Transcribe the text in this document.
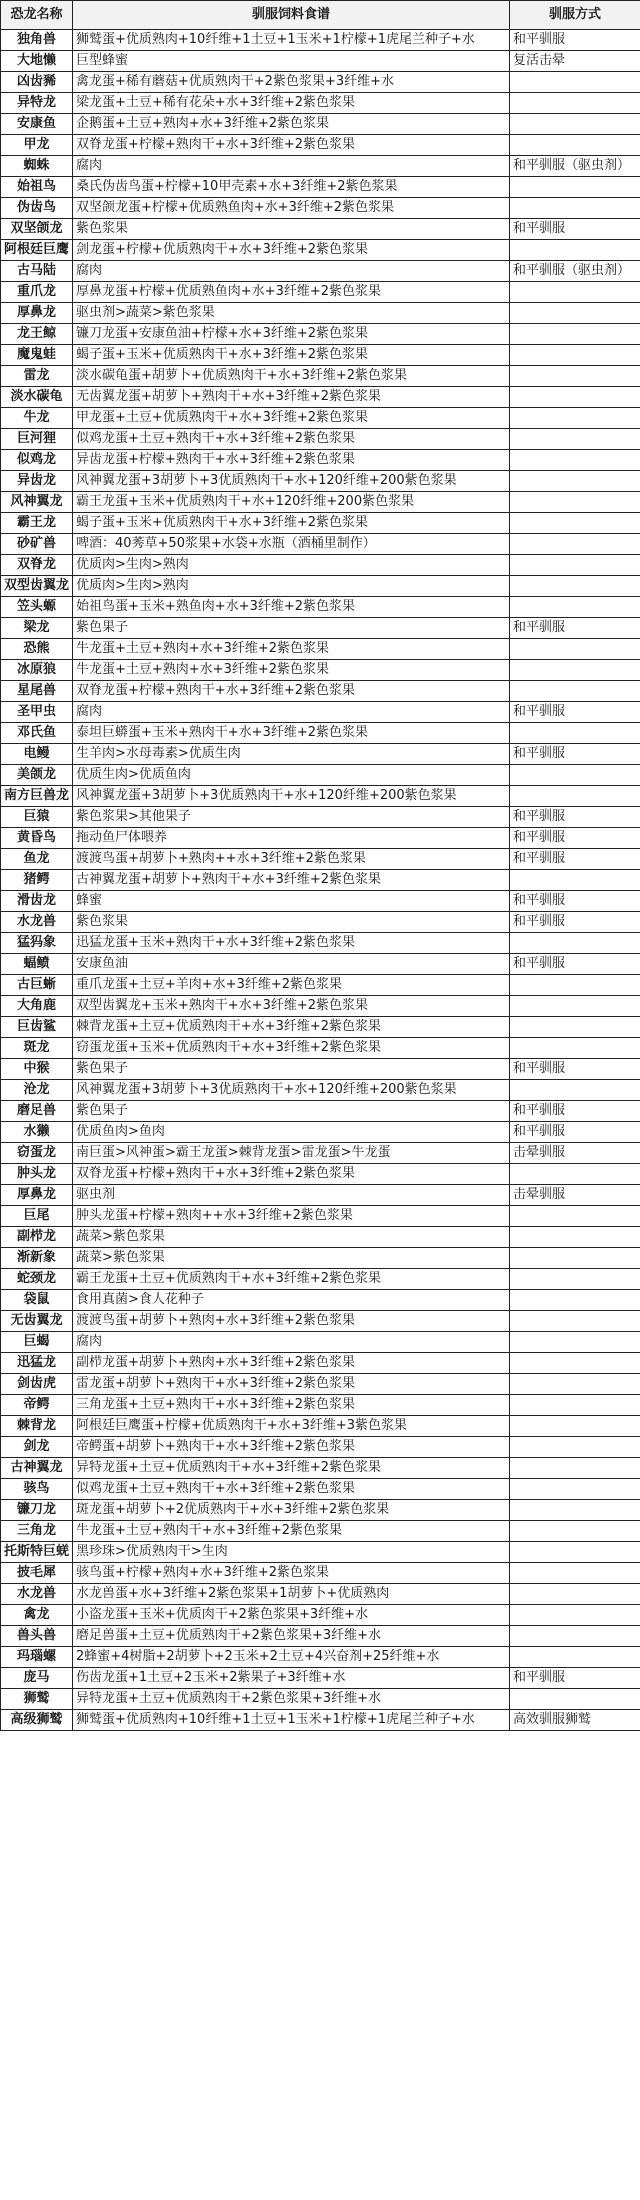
恐龙名称	驯服饲料食谱	驯服方式
独角兽	狮鹫蛋+优质熟肉+10纤维+1土豆+1玉米+1柠檬+1虎尾兰种子+水	和平驯服
大地懒	巨型蜂蜜	复活击晕
凶齿豨	禽龙蛋+稀有蘑菇+优质熟肉干+2紫色浆果+3纤维+水	
异特龙	梁龙蛋+土豆+稀有花朵+水+3纤维+2紫色浆果	
安康鱼	企鹅蛋+土豆+熟肉+水+3纤维+2紫色浆果	
甲龙	双脊龙蛋+柠檬+熟肉干+水+3纤维+2紫色浆果	
蜘蛛	腐肉	和平驯服（驱虫剂）
始祖鸟	桑氏伪齿鸟蛋+柠檬+10甲壳素+水+3纤维+2紫色浆果	
伪齿鸟	双坚颌龙蛋+柠檬+优质熟鱼肉+水+3纤维+2紫色浆果	
双坚颌龙	紫色浆果	和平驯服
阿根廷巨鹰	剑龙蛋+柠檬+优质熟肉干+水+3纤维+2紫色浆果	
古马陆	腐肉	和平驯服（驱虫剂）
重爪龙	厚鼻龙蛋+柠檬+优质熟鱼肉+水+3纤维+2紫色浆果	
厚鼻龙	驱虫剂>蔬菜>紫色浆果	
龙王鲸	镰刀龙蛋+安康鱼油+柠檬+水+3纤维+2紫色浆果	
魔鬼蛙	蝎子蛋+玉米+优质熟肉干+水+3纤维+2紫色浆果	
雷龙	淡水碳龟蛋+胡萝卜+优质熟肉干+水+3纤维+2紫色浆果	
淡水碳龟	无齿翼龙蛋+胡萝卜+熟肉干+水+3纤维+2紫色浆果	
牛龙	甲龙蛋+土豆+优质熟肉干+水+3纤维+2紫色浆果	
巨河狸	似鸡龙蛋+土豆+熟肉干+水+3纤维+2紫色浆果	
似鸡龙	异齿龙蛋+柠檬+熟肉干+水+3纤维+2紫色浆果	
异齿龙	风神翼龙蛋+3胡萝卜+3优质熟肉干+水+120纤维+200紫色浆果	
风神翼龙	霸王龙蛋+玉米+优质熟肉干+水+120纤维+200紫色浆果	
霸王龙	蝎子蛋+玉米+优质熟肉干+水+3纤维+2紫色浆果	
砂矿兽	啤酒：40莠草+50浆果+水袋+水瓶（酒桶里制作）	
双脊龙	优质肉>生肉>熟肉	
双型齿翼龙	优质肉>生肉>熟肉	
笠头螈	始祖鸟蛋+玉米+熟鱼肉+水+3纤维+2紫色浆果	
梁龙	紫色果子	和平驯服
恐熊	牛龙蛋+土豆+熟肉+水+3纤维+2紫色浆果	
冰原狼	牛龙蛋+土豆+熟肉+水+3纤维+2紫色浆果	
星尾兽	双脊龙蛋+柠檬+熟肉干+水+3纤维+2紫色浆果	
圣甲虫	腐肉	和平驯服
邓氏鱼	泰坦巨蟒蛋+玉米+熟肉干+水+3纤维+2紫色浆果	
电鳗	生羊肉>水母毒素>优质生肉	和平驯服
美颌龙	优质生肉>优质鱼肉	
南方巨兽龙	风神翼龙蛋+3胡萝卜+3优质熟肉干+水+120纤维+200紫色浆果	
巨猿	紫色浆果>其他果子	和平驯服
黄昏鸟	拖动鱼尸体喂养	和平驯服
鱼龙	渡渡鸟蛋+胡萝卜+熟肉++水+3纤维+2紫色浆果	和平驯服
猪鳄	古神翼龙蛋+胡萝卜+熟肉干+水+3纤维+2紫色浆果	
滑齿龙	蜂蜜	和平驯服
水龙兽	紫色浆果	和平驯服
猛犸象	迅猛龙蛋+玉米+熟肉干+水+3纤维+2紫色浆果	
蝠鲼	安康鱼油	和平驯服
古巨蜥	重爪龙蛋+土豆+羊肉+水+3纤维+2紫色浆果	
大角鹿	双型齿翼龙+玉米+熟肉干+水+3纤维+2紫色浆果	
巨齿鲨	棘背龙蛋+土豆+优质熟肉干+水+3纤维+2紫色浆果	
斑龙	窃蛋龙蛋+玉米+优质熟肉干+水+3纤维+2紫色浆果	
中猴	紫色果子	和平驯服
沧龙	风神翼龙蛋+3胡萝卜+3优质熟肉干+水+120纤维+200紫色浆果	
磨足兽	紫色果子	和平驯服
水獭	优质鱼肉>鱼肉	和平驯服
窃蛋龙	南巨蛋>风神蛋>霸王龙蛋>棘背龙蛋>雷龙蛋>牛龙蛋	击晕驯服
肿头龙	双脊龙蛋+柠檬+熟肉干+水+3纤维+2紫色浆果	
厚鼻龙	驱虫剂	击晕驯服
巨尾	肿头龙蛋+柠檬+熟肉++水+3纤维+2紫色浆果	
副栉龙	蔬菜>紫色浆果	
渐新象	蔬菜>紫色浆果	
蛇颈龙	霸王龙蛋+土豆+优质熟肉干+水+3纤维+2紫色浆果	
袋鼠	食用真菌>食人花种子	
无齿翼龙	渡渡鸟蛋+胡萝卜+熟肉+水+3纤维+2紫色浆果	
巨蝎	腐肉	
迅猛龙	副栉龙蛋+胡萝卜+熟肉+水+3纤维+2紫色浆果	
剑齿虎	雷龙蛋+胡萝卜+熟肉干+水+3纤维+2紫色浆果	
帝鳄	三角龙蛋+土豆+熟肉干+水+3纤维+2紫色浆果	
棘背龙	阿根廷巨鹰蛋+柠檬+优质熟肉干+水+3纤维+3紫色浆果	
剑龙	帝鳄蛋+胡萝卜+熟肉干+水+3纤维+2紫色浆果	
古神翼龙	异特龙蛋+土豆+优质熟肉干+水+3纤维+2紫色浆果	
骇鸟	似鸡龙蛋+土豆+熟肉干+水+3纤维+2紫色浆果	
镰刀龙	斑龙蛋+胡萝卜+2优质熟肉干+水+3纤维+2紫色浆果	
三角龙	牛龙蛋+土豆+熟肉干+水+3纤维+2紫色浆果	
托斯特巨蜣	黑珍珠>优质熟肉干>生肉	
披毛犀	骇鸟蛋+柠檬+熟肉+水+3纤维+2紫色浆果	
水龙兽	水龙兽蛋+水+3纤维+2紫色浆果+1胡萝卜+优质熟肉	
禽龙	小盗龙蛋+玉米+优质肉干+2紫色浆果+3纤维+水	
兽头兽	磨足兽蛋+土豆+优质熟肉干+2紫色浆果+3纤维+水	
玛瑙螺	2蜂蜜+4树脂+2胡萝卜+2玉米+2土豆+4兴奋剂+25纤维+水	
庞马	伤齿龙蛋+1土豆+2玉米+2紫果子+3纤维+水	和平驯服
狮鹫	异特龙蛋+土豆+优质熟肉干+2紫色浆果+3纤维+水	
高级狮鹫	狮鹫蛋+优质熟肉+10纤维+1土豆+1玉米+1柠檬+1虎尾兰种子+水	高效驯服狮鹫
